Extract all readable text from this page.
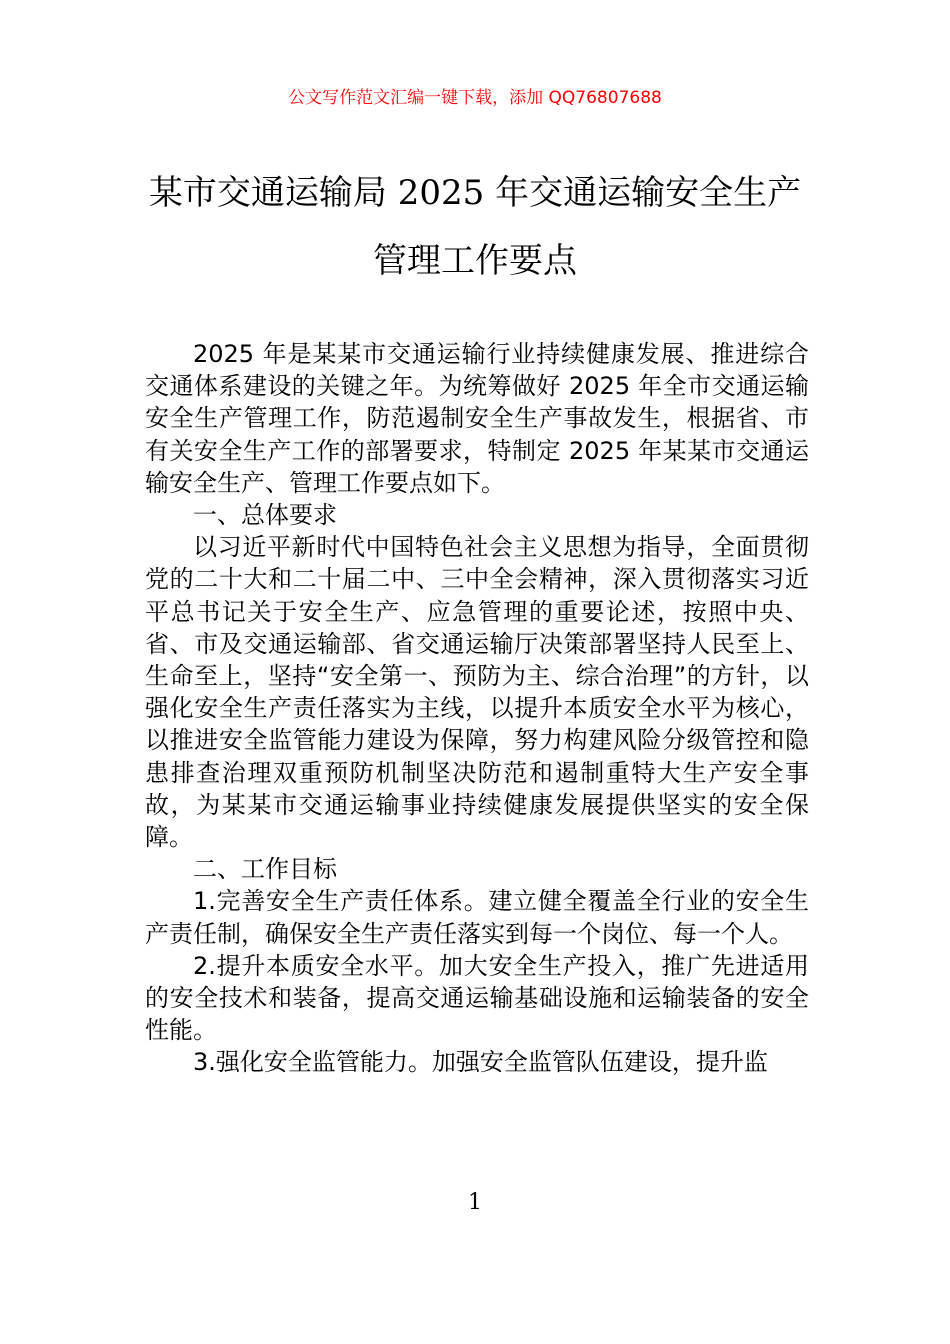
公文写作范文汇编一键下载，添加 QQ76807688
某市交通运输局 2025 年交通运输安全生产
管理工作要点

2025 年是某某市交通运输行业持续健康发展、推进综合交通体系建设的关键之年。为统筹做好 2025 年全市交通运输安全生产管理工作，防范遏制安全生产事故发生，根据省、市有关安全生产工作的部署要求，特制定 2025 年某某市交通运输安全生产、管理工作要点如下。

一、总体要求

以习近平新时代中国特色社会主义思想为指导，全面贯彻党的二十大和二十届二中、三中全会精神，深入贯彻落实习近平总书记关于安全生产、应急管理的重要论述，按照中央、省、市及交通运输部、省交通运输厅决策部署坚持人民至上、生命至上，坚持“安全第一、预防为主、综合治理”的方针，以强化安全生产责任落实为主线，以提升本质安全水平为核心，以推进安全监管能力建设为保障，努力构建风险分级管控和隐患排查治理双重预防机制坚决防范和遏制重特大生产安全事故，为某某市交通运输事业持续健康发展提供坚实的安全保障。

二、工作目标

1.完善安全生产责任体系。建立健全覆盖全行业的安全生产责任制，确保安全生产责任落实到每一个岗位、每一个人。

2.提升本质安全水平。加大安全生产投入，推广先进适用的安全技术和装备，提高交通运输基础设施和运输装备的安全性能。

3.强化安全监管能力。加强安全监管队伍建设，提升监

1
